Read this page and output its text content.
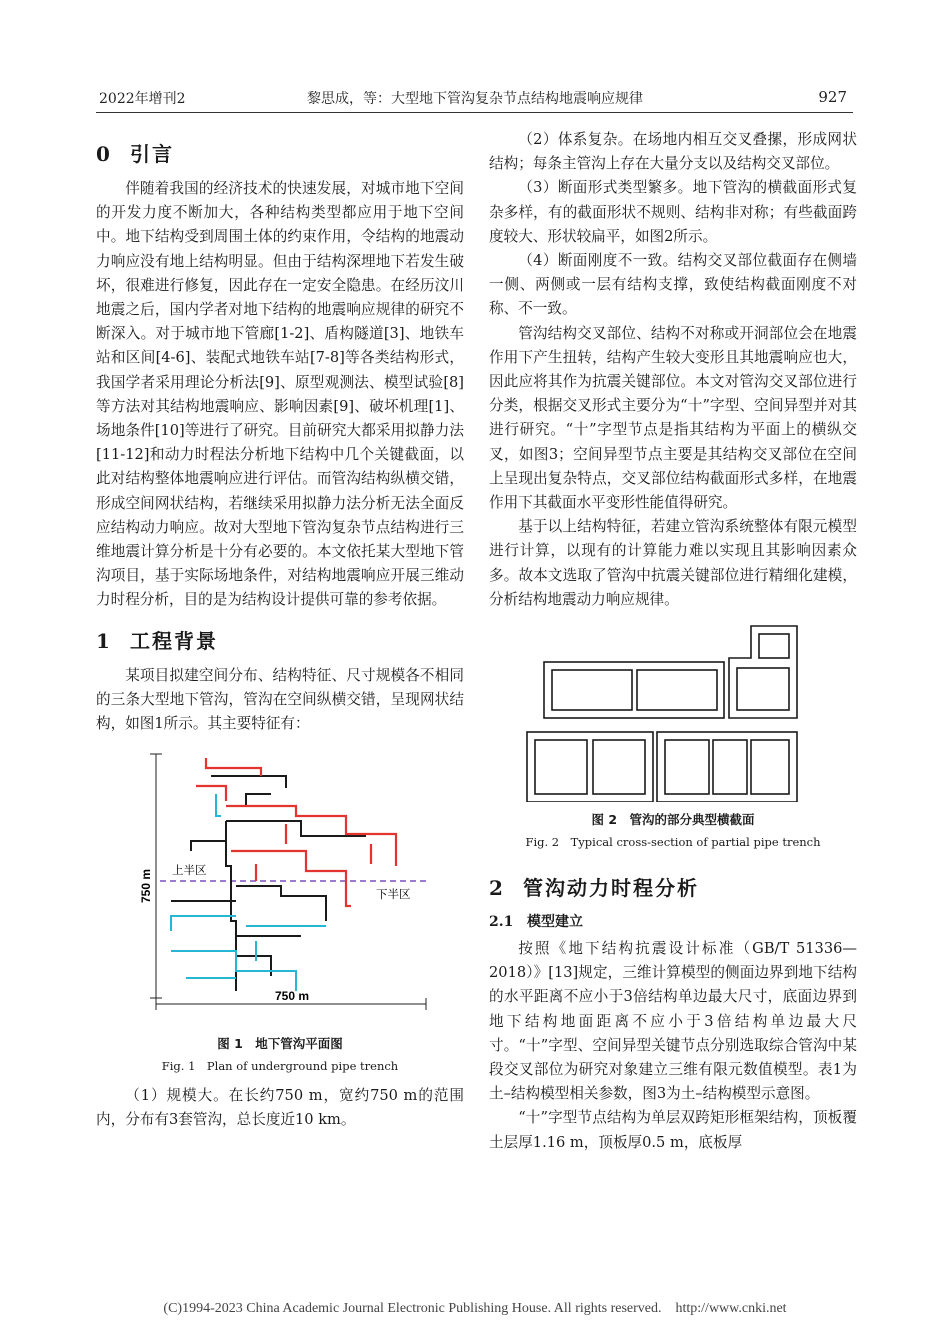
2022年增刊2	黎思成，等：大型地下管沟复杂节点结构地震响应规律	927
0 引言

伴随着我国的经济技术的快速发展，对城市地下空间的开发力度不断加大，各种结构类型都应用于地下空间中。地下结构受到周围土体的约束作用，令结构的地震动力响应没有地上结构明显。但由于结构深埋地下若发生破坏，很难进行修复，因此存在一定安全隐患。在经历汶川地震之后，国内学者对地下结构的地震响应规律的研究不断深入。对于城市地下管廊[1-2]、盾构隧道[3]、地铁车站和区间[4-6]、装配式地铁车站[7-8]等各类结构形式，我国学者采用理论分析法[9]、原型观测法、模型试验[8]等方法对其结构地震响应、影响因素[9]、破坏机理[1]、场地条件[10]等进行了研究。目前研究大都采用拟静力法[11-12]和动力时程法分析地下结构中几个关键截面，以此对结构整体地震响应进行评估。而管沟结构纵横交错，形成空间网状结构，若继续采用拟静力法分析无法全面反应结构动力响应。故对大型地下管沟复杂节点结构进行三维地震计算分析是十分有必要的。本文依托某大型地下管沟项目，基于实际场地条件，对结构地震响应开展三维动力时程分析，目的是为结构设计提供可靠的参考依据。

1 工程背景

某项目拟建空间分布、结构特征、尺寸规模各不相同的三条大型地下管沟，管沟在空间纵横交错，呈现网状结构，如图1所示。其主要特征有：

750 m
750 m
上半区
下半区
图 1　地下管沟平面图
Fig. 1　Plan of underground pipe trench

（1）规模大。在长约750 m，宽约750 m的范围内，分布有3套管沟，总长度近10 km。

（2）体系复杂。在场地内相互交叉叠摞，形成网状结构；每条主管沟上存在大量分支以及结构交叉部位。

（3）断面形式类型繁多。地下管沟的横截面形式复杂多样，有的截面形状不规则、结构非对称；有些截面跨度较大、形状较扁平，如图2所示。

（4）断面刚度不一致。结构交叉部位截面存在侧墙一侧、两侧或一层有结构支撑，致使结构截面刚度不对称、不一致。

管沟结构交叉部位、结构不对称或开洞部位会在地震作用下产生扭转，结构产生较大变形且其地震响应也大，因此应将其作为抗震关键部位。本文对管沟交叉部位进行分类，根据交叉形式主要分为“十”字型、空间异型并对其进行研究。“十”字型节点是指其结构为平面上的横纵交叉，如图3；空间异型节点主要是其结构交叉部位在空间上呈现出复杂特点，交叉部位结构截面形式多样，在地震作用下其截面水平变形性能值得研究。

基于以上结构特征，若建立管沟系统整体有限元模型进行计算，以现有的计算能力难以实现且其影响因素众多。故本文选取了管沟中抗震关键部位进行精细化建模，分析结构地震动力响应规律。

图 2　管沟的部分典型横截面
Fig. 2　Typical cross-section of partial pipe trench
2 管沟动力时程分析
2.1 模型建立

按照《地下结构抗震设计标准（GB/T 51336—2018）》[13]规定，三维计算模型的侧面边界到地下结构的水平距离不应小于3倍结构单边最大尺寸，底面边界到地下结构地面距离不应小于3倍结构单边最大尺寸。“十”字型、空间异型关键节点分别选取综合管沟中某段交叉部位为研究对象建立三维有限元数值模型。表1为土–结构模型相关参数，图3为土–结构模型示意图。

“十”字型节点结构为单层双跨矩形框架结构，顶板覆土层厚1.16 m，顶板厚0.5 m，底板厚

(C)1994-2023 China Academic Journal Electronic Publishing House. All rights reserved.　http://www.cnki.net
